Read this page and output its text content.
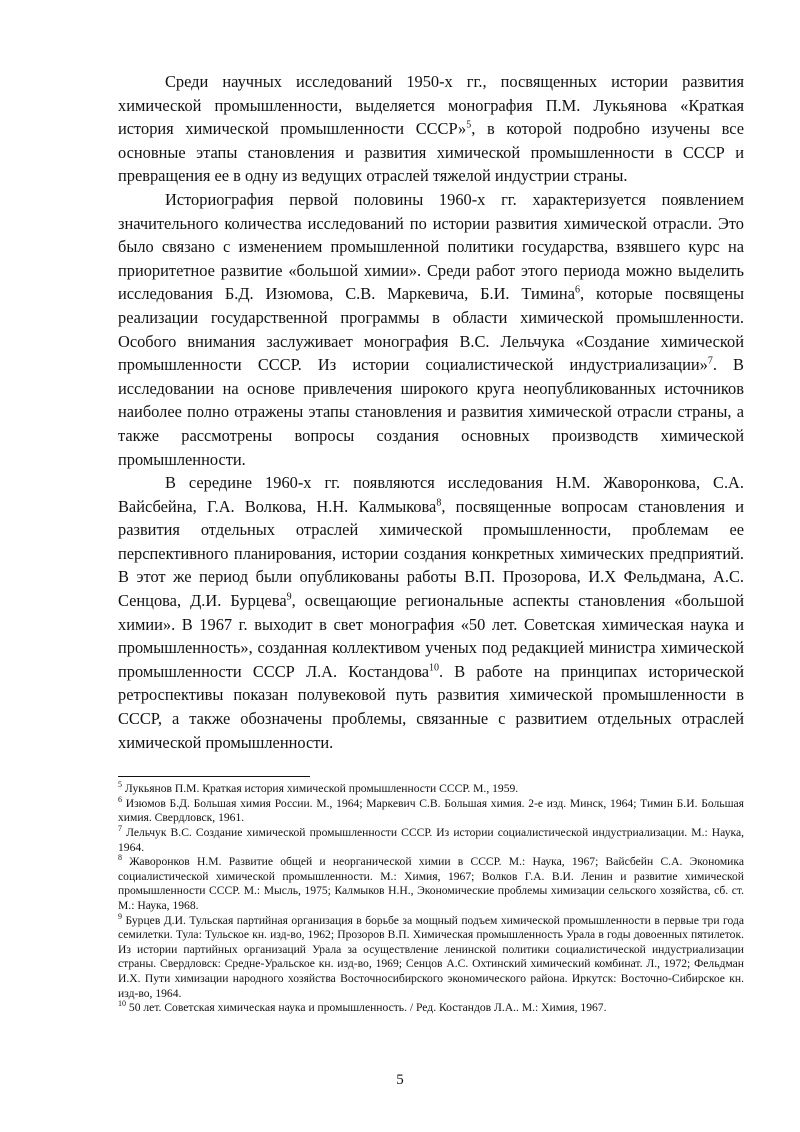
Среди научных исследований 1950-х гг., посвященных истории развития химической промышленности, выделяется монография П.М. Лукьянова «Краткая история химической промышленности СССР»$^5$, в которой подробно изучены все основные этапы становления и развития химической промышленности в СССР и превращения ее в одну из ведущих отраслей тяжелой индустрии страны.

Историография первой половины 1960-х гг. характеризуется появлением значительного количества исследований по истории развития химической отрасли. Это было связано с изменением промышленной политики государства, взявшего курс на приоритетное развитие «большой химии». Среди работ этого периода можно выделить исследования Б.Д. Изюмова, С.В. Маркевича, Б.И. Тимина$^6$, которые посвящены реализации государственной программы в области химической промышленности. Особого внимания заслуживает монография В.С. Лельчука «Создание химической промышленности СССР. Из истории социалистической индустриализации»$^7$. В исследовании на основе привлечения широкого круга неопубликованных источников наиболее полно отражены этапы становления и развития химической отрасли страны, а также рассмотрены вопросы создания основных производств химической промышленности.

В середине 1960-х гг. появляются исследования Н.М. Жаворонкова, С.А. Вайсбейна, Г.А. Волкова, Н.Н. Калмыкова$^8$, посвященные вопросам становления и развития отдельных отраслей химической промышленности, проблемам ее перспективного планирования, истории создания конкретных химических предприятий. В этот же период были опубликованы работы В.П. Прозорова, И.Х Фельдмана, А.С. Сенцова, Д.И. Бурцева$^9$, освещающие региональные аспекты становления «большой химии». В 1967 г. выходит в свет монография «50 лет. Советская химическая наука и промышленность», созданная коллективом ученых под редакцией министра химической промышленности СССР Л.А. Костандова$^{10}$. В работе на принципах исторической ретроспективы показан полувековой путь развития химической промышленности в СССР, а также обозначены проблемы, связанные с развитием отдельных отраслей химической промышленности.

$^5$ Лукьянов П.М. Краткая история химической промышленности СССР. М., 1959.

$^6$ Изюмов Б.Д. Большая химия России. М., 1964; Маркевич С.В. Большая химия. 2-е изд. Минск, 1964; Тимин Б.И. Большая химия. Свердловск, 1961.

$^7$ Лельчук В.С. Создание химической промышленности СССР. Из истории социалистической индустриализации. М.: Наука, 1964.

$^8$ Жаворонков Н.М. Развитие общей и неорганической химии в СССР. М.: Наука, 1967; Вайсбейн С.А. Экономика социалистической химической промышленности. М.: Химия, 1967; Волков Г.А. В.И. Ленин и развитие химической промышленности СССР. М.: Мысль, 1975; Калмыков Н.Н., Экономические проблемы химизации сельского хозяйства, сб. ст. М.: Наука, 1968.

$^9$ Бурцев Д.И. Тульская партийная организация в борьбе за мощный подъем химической промышленности в первые три года семилетки. Тула: Тульское кн. изд-во, 1962; Прозоров В.П. Химическая промышленность Урала в годы довоенных пятилеток. Из истории партийных организаций Урала за осуществление ленинской политики социалистической индустриализации страны. Свердловск: Средне-Уральское кн. изд-во, 1969; Сенцов А.С. Охтинский химический комбинат. Л., 1972; Фельдман И.Х. Пути химизации народного хозяйства Восточносибирского экономического района. Иркутск: Восточно-Сибирское кн. изд-во, 1964.

$^{10}$ 50 лет. Советская химическая наука и промышленность. / Ред. Костандов Л.А.. М.: Химия, 1967.

5
